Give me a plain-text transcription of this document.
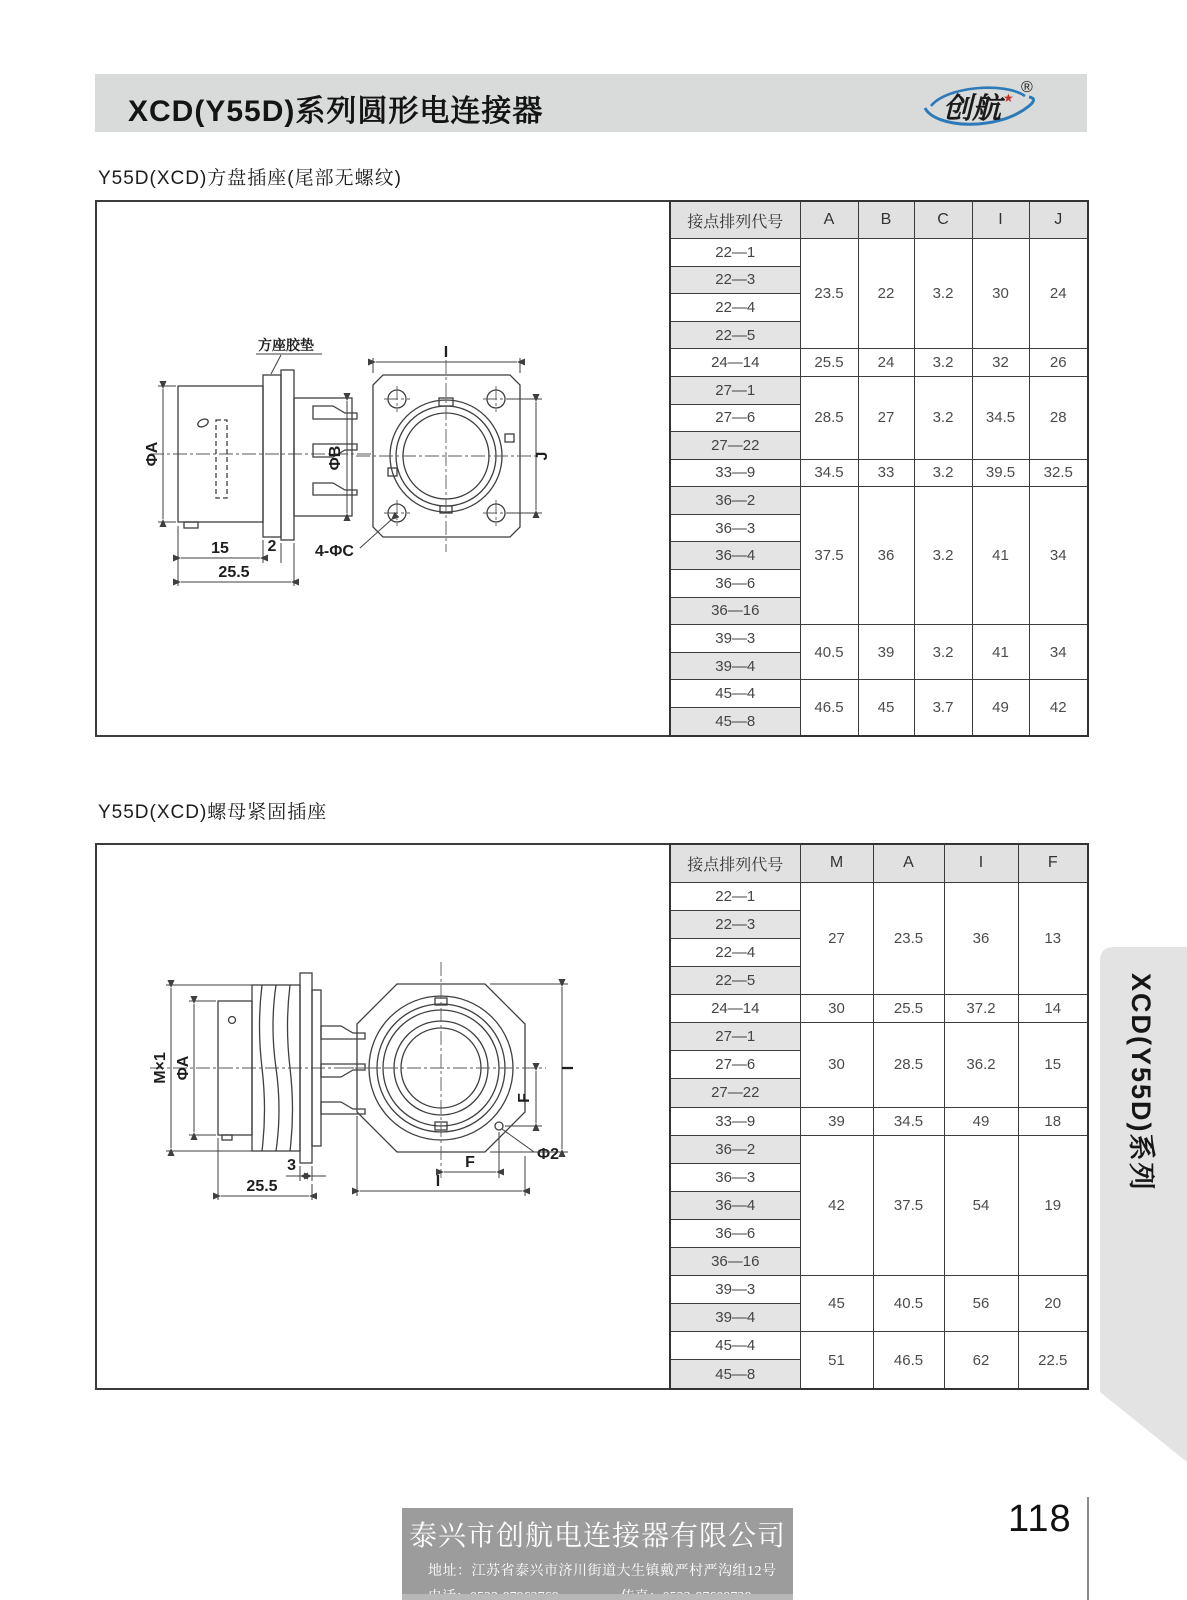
XCD(Y55D)系列圆形电连接器	创航 ★
®
Y55D(XCD)方盘插座(尾部无螺纹)
方座胶垫
ΦA	ΦB
15 2
25.5
I
J
4-ΦC
接点排列代号	A	B	C	I	J
22—1	23.5	22	3.2	30	24
22—3					
22—4					
22—5					
24—14	25.5	24	3.2	32	26
27—1	28.5	27	3.2	34.5	28
27—6					
27—22					
33—9	34.5	33	3.2	39.5	32.5
36—2	37.5	36	3.2	41	34
36—3					
36—4					
36—6					
36—16					
39—3	40.5	39	3.2	41	34
39—4					
45—4	46.5	45	3.7	49	42
45—8					
Y55D(XCD)螺母紧固插座
M×1 ΦA
3
25.5
Φ2
F
I
F
I
接点排列代号	M	A	I	F
22—1	27	23.5	36	13
22—3				
22—4				
22—5				
24—14	30	25.5	37.2	14
27—1	30	28.5	36.2	15
27—6				
27—22				
33—9	39	34.5	49	18
36—2	42	37.5	54	19
36—3				
36—4				
36—6				
36—16				
39—3	45	40.5	56	20
39—4				
45—4	51	46.5	62	22.5
45—8				
XCD(Y55D)系列
泰兴市创航电连接器有限公司
地址：江苏省泰兴市济川街道大生镇戴严村严沟组12号
118
